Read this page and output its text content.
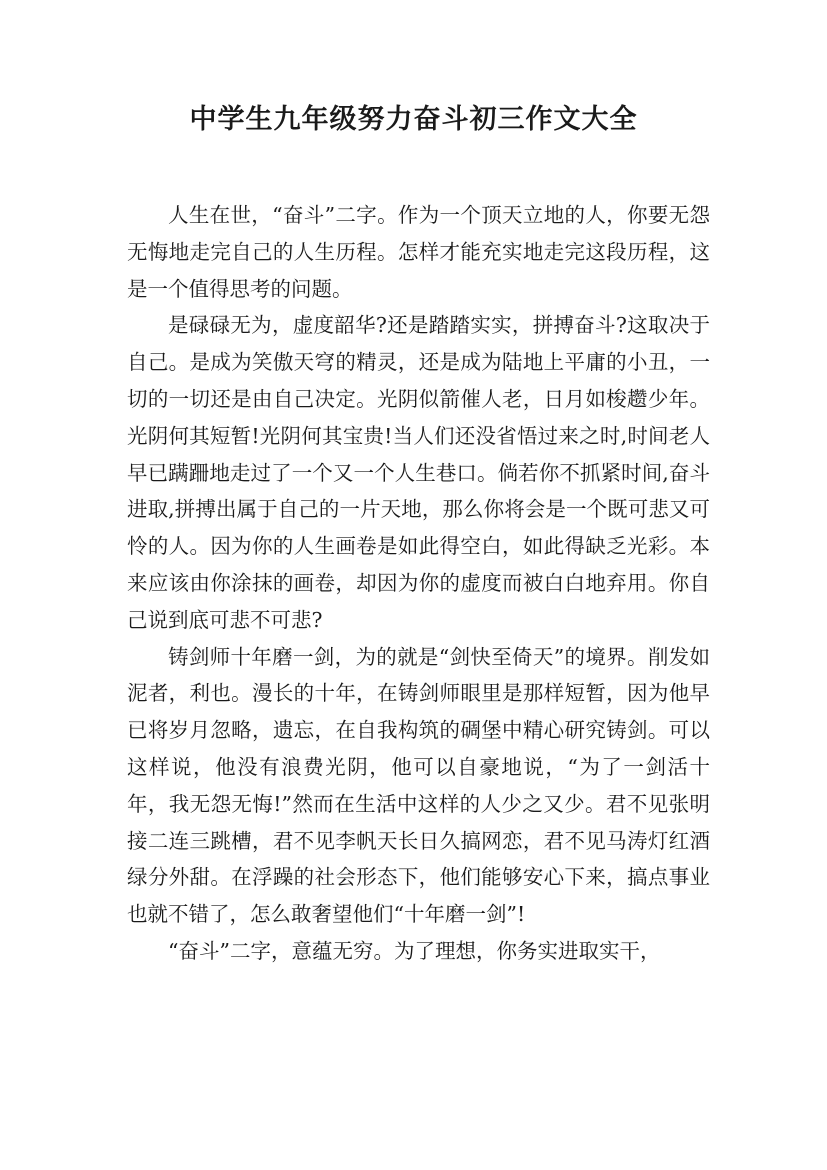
中学生九年级努力奋斗初三作文大全

人生在世，“奋斗”二字。作为一个顶天立地的人，你要无怨无悔地走完自己的人生历程。怎样才能充实地走完这段历程，这是一个值得思考的问题。

是碌碌无为，虚度韶华?还是踏踏实实，拼搏奋斗?这取决于自己。是成为笑傲天穹的精灵，还是成为陆地上平庸的小丑，一切的一切还是由自己决定。光阴似箭催人老，日月如梭趱少年。光阴何其短暂!光阴何其宝贵!当人们还没省悟过来之时,时间老人早已蹒跚地走过了一个又一个人生巷口。倘若你不抓紧时间,奋斗进取,拼搏出属于自己的一片天地，那么你将会是一个既可悲又可怜的人。因为你的人生画卷是如此得空白，如此得缺乏光彩。本来应该由你涂抹的画卷，却因为你的虚度而被白白地弃用。你自己说到底可悲不可悲?

铸剑师十年磨一剑，为的就是“剑快至倚天”的境界。削发如泥者，利也。漫长的十年，在铸剑师眼里是那样短暂，因为他早已将岁月忽略，遗忘，在自我构筑的碉堡中精心研究铸剑。可以这样说，他没有浪费光阴，他可以自豪地说，“为了一剑活十年，我无怨无悔!”然而在生活中这样的人少之又少。君不见张明接二连三跳槽，君不见李帆天长日久搞网恋，君不见马涛灯红酒绿分外甜。在浮躁的社会形态下，他们能够安心下来，搞点事业也就不错了，怎么敢奢望他们“十年磨一剑”!

“奋斗”二字，意蕴无穷。为了理想，你务实进取实干，
